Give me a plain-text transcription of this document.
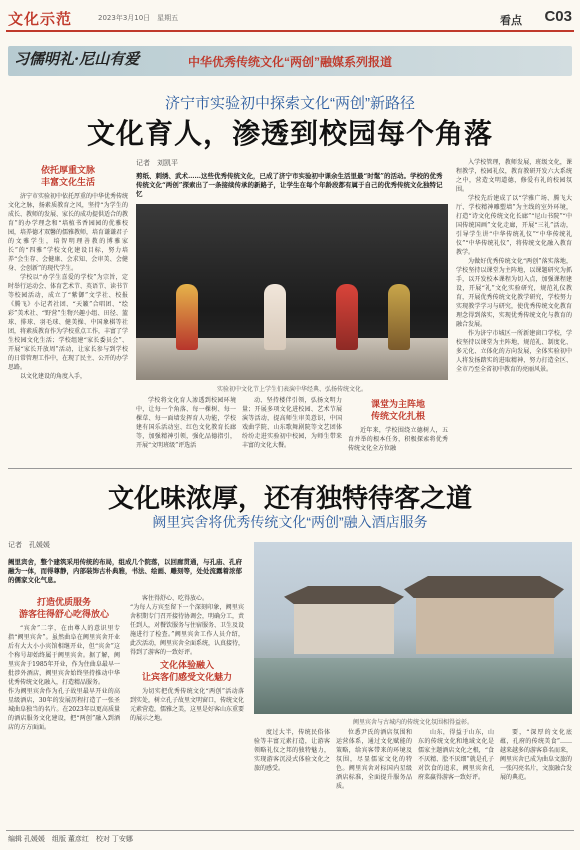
文化示范	2023年3月10日　星期五	看点 C03
习儒明礼·尼山有爱	中华优秀传统文化“两创”融媒系列报道
济宁市实验初中探索文化“两创”新路径
文化育人，渗透到校园每个角落
依托厚重文脉
丰富文化生活

济宁市实验初中依托厚重的中华优秀传统文化之脉，扬素质教育之风，坚持“为学生的成长、教师的发展、家长的成功提供适合的教育”的办学理念和“培植书香园园的优雅校园，培养德才双馨的儒雅教师，培育谦谦君子的文雅学生，培智明理善教的博雅家长”的“四雅”学校文化建设目标，努力培养“会生存、会健康、会求知、会审美、会健身、会创新”的现代学生。

学校以“办学生喜爱的学校”为宗旨，定时举行运动会、体育艺术节、英语节、读书节等校园活动，成立了“紫御”文学社、校报《腾飞》小记者社团、“天籁”合唱团、“绘彩”美术社、“野营”生物兴趣小组、田径、篮球、排球、羽毛球、健美操、中国象棋等社团，将素质教育作为学校重点工作，丰富了学生校园文化生活；学校组建“家长委员会”、开展“家长开放周”活动，让家长参与到学校的日常管理工作中，在现了民主、公开的办学思路。

以文化建设的角度入手，

记者　刘凯平
剪纸、刺绣、武术……这些优秀传统文化，已成了济宁市实验初中课余生活里最“时髦”的活动。学校的优秀传统文化“两创”探索出了一条接续传承的新路子，让学生在每个年龄段都有属于自己的优秀传统文化独特记忆
实验初中文化节上学生们表演中华经典、弘扬传统文化。

学校将文化育人渗透到校园环境中，让每一个角落、每一棵树、每一棵草、每一面墙发挥育人功能，学校建有国乐活动室、红色文化教育长廊等，加强精神引领，强化品德指引，开展“文明班级”评选活

动、坚持楼伴引领，弘扬文明力量；开展多项文化进校园、艺术节展演等活动，提高师生审美意识，中国戏曲学院、山东歌舞剧院等文艺团体纷纷走进实验初中校园，为师生带来丰富的文化大餐。

课堂为主阵地
传统文化扎根

近年来，学校围绕立德树人，五育并举的根本任务，积极探索将优秀传统文化全方位融

入学校管理，教师发展，班级文化，课程教学，校园礼仪，教育教研开发六大系统之中，营造文明道德，修爱有礼的校园氛围。

学校先后建成了以“学雅广场、腾飞大厅、学校精神雕塑墙”为主线的室外环境，打造“诗文化传统文化长廊”“尼山书院”“中国传统国画”文化走廊，开展“三礼”活动，引导学生讲“中华传统礼仪”“中华传统礼仪”“中华传统礼仪”，将传统文化融入教育教学。

为做好优秀传统文化“两创”落实落地，学校坚持以课堂为主阵地，以课题研究为抓手，以开发校本课程为切入点，加强课程建设，开展“礼”文化实验研究，规范礼仪教育，开展优秀传统文化教学研究，学校努力实现教学学习与研究，使优秀传统文化教育理念得到落实，实现优秀传统文化与教育的融合发展。

作为济宁市城区一所新建窗口学校，学校坚持以课堂为主阵地，规范礼、制度化、多元化、立体化的方向发展，全体实验初中人将发扬踏实的进取精神，努力打造全区、全市乃至全省初中教育的亮丽风景。

文化味浓厚，还有独特待客之道
阙里宾舍将优秀传统文化“两创”融入酒店服务
记者　孔媛媛
阙里宾舍，整个建筑采用传统的布局，组成几个院落，以回廊贯通，与孔庙、孔府融为一体，而得尊静，内部装饰古朴典雅，书法、绘画、雕刻等，处处流露着浓郁的儒家文化气息。
打造优质服务
游客往得舒心吃得放心

“宾舍”二字，在由尊人的意识里专指“阙里宾舍”。虽然曲阜在阙里宾舍开业后有大大小小宾馆相继开业，但“宾舍”这个称号却始终属于阙里宾舍。据了解，阙里宾舍于1985年开业，作为住曲阜最早一批涉外酒店，阙里宾舍始终坚持推动中华优秀传统文化融入，打造精品服务。
作为阙里宾舍作为孔子故里最早开业的高星级酒店，30年的发展历程打造了一张圣城曲阜独当的名片。在2023年以更高质量的酒店服务文化建设，把“两创”融入到酒店的方方面面。

客住得舒心、吃得放心。
“为每人方宾至留下一个深刻印象，阙里宾舍积期专门召开接待协调会，明确分工，责任到人，对餐饮服务与住宿服务、卫生及设施进行了检查。”阙里宾舍工作人员介绍，此次活动，阙里宾舍全面系统，认真接待，得到了游客的一致好评。

文化体验融入
让宾客们感受文化魅力

为切实把优秀传统文化“两创”活动落到实处，树立孔子故里文明窗口，传统文化元素营造，儒雅之美，这里是好客山东重要的展示之地。

阙里宾舍与古城内的传统文化氛围相得益彰。

度过大半，传统民俗体验等丰富元素打造，让游客领略礼仪之邦的独特魅力，实现游客沉浸式体验文化之旅的感受。

位悉尹氏的酒店氛围和运营体系，通过文化赋能的策略，给宾客带来的环境及氛围，尽显儒家文化的特色。阙里宾舍对标国内星级酒店标准，全面提升服务品质。

山东，得益于山东，山东的传统文化和地域文化是儒家主题酒店文化之根，“食不厌精、脍不厌细”就是孔子对饮食的追求，阙里宾舍孔府菜赢得游客一致好评。

要，“深厚的文化底蕴，孔府的传统美食”……越来越多的游客慕名而来，阙里宾舍已成为曲阜文旅的一张闪亮名片，文旅融合发展的典范。

编辑 孔媛媛　组版 董彦红　校对 丁安娜
